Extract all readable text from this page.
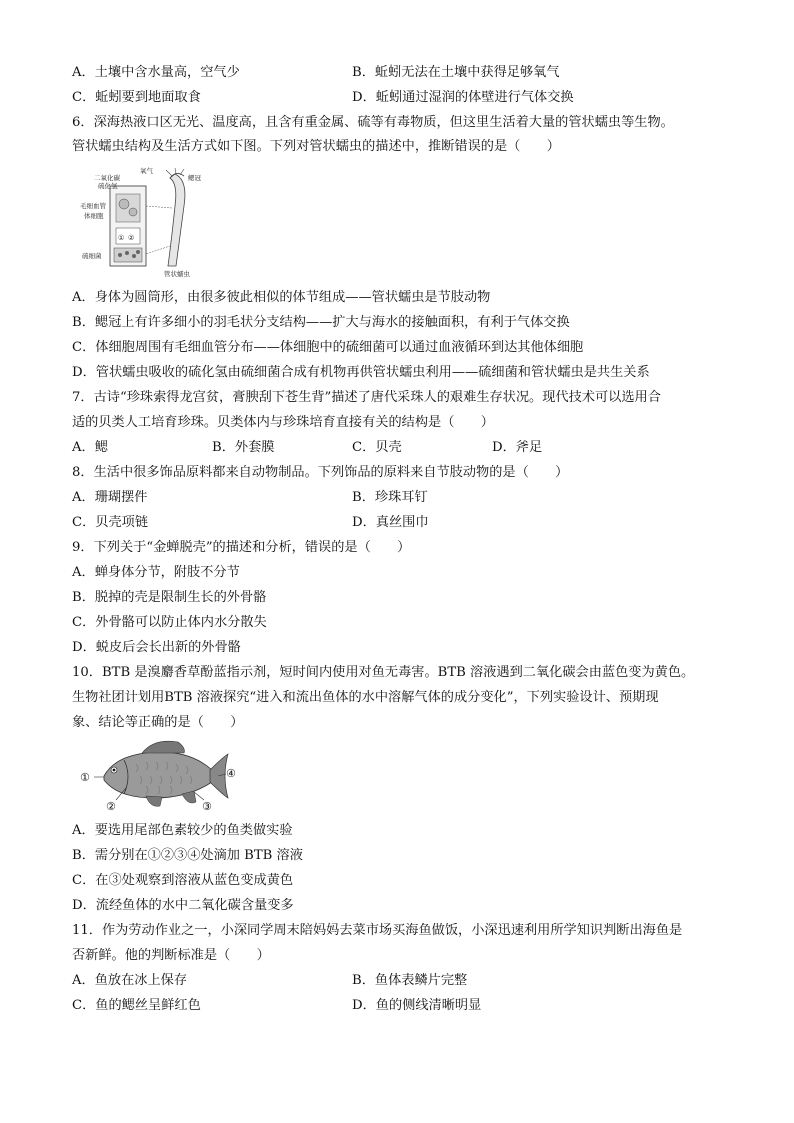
A．土壤中含水量高，空气少	B．蚯蚓无法在土壤中获得足够氧气
C．蚯蚓要到地面取食	D．蚯蚓通过湿润的体壁进行气体交换
6．深海热液口区无光、温度高，且含有重金属、硫等有毒物质，但这里生活着大量的管状蠕虫等生物。
管状蠕虫结构及生活方式如下图。下列对管状蠕虫的描述中，推断错误的是（　　）
氧气
二氧化碳
硫化氢
鳃冠
毛细血管
体细胞
硫细菌
管状蠕虫
① ②
A．身体为圆筒形，由很多彼此相似的体节组成——管状蠕虫是节肢动物
B．鳃冠上有许多细小的羽毛状分支结构——扩大与海水的接触面积，有利于气体交换
C．体细胞周围有毛细血管分布——体细胞中的硫细菌可以通过血液循环到达其他体细胞
D．管状蠕虫吸收的硫化氢由硫细菌合成有机物再供管状蠕虫利用——硫细菌和管状蠕虫是共生关系
7．古诗“珍珠索得龙宫贫，膏腴刮下苍生背”描述了唐代采珠人的艰难生存状况。现代技术可以选用合
适的贝类人工培育珍珠。贝类体内与珍珠培育直接有关的结构是（　　）
A．鳃	B．外套膜	C．贝壳	D．斧足
8．生活中很多饰品原料都来自动物制品。下列饰品的原料来自节肢动物的是（　　）
A．珊瑚摆件	B．珍珠耳钉
C．贝壳项链	D．真丝围巾
9．下列关于“金蝉脱壳”的描述和分析，错误的是（　　）
A．蝉身体分节，附肢不分节
B．脱掉的壳是限制生长的外骨骼
C．外骨骼可以防止体内水分散失
D．蜕皮后会长出新的外骨骼
10．BTB 是溴麝香草酚蓝指示剂，短时间内使用对鱼无毒害。BTB 溶液遇到二氧化碳会由蓝色变为黄色。
生物社团计划用BTB 溶液探究“进入和流出鱼体的水中溶解气体的成分变化”，下列实验设计、预期现
象、结论等正确的是（　　）
①
②	③
④
A．要选用尾部色素较少的鱼类做实验
B．需分别在①②③④处滴加 BTB 溶液
C．在③处观察到溶液从蓝色变成黄色
D．流经鱼体的水中二氧化碳含量变多
11．作为劳动作业之一，小深同学周末陪妈妈去菜市场买海鱼做饭，小深迅速利用所学知识判断出海鱼是
否新鲜。他的判断标准是（　　）
A．鱼放在冰上保存	B．鱼体表鳞片完整
C．鱼的鳃丝呈鲜红色	D．鱼的侧线清晰明显
